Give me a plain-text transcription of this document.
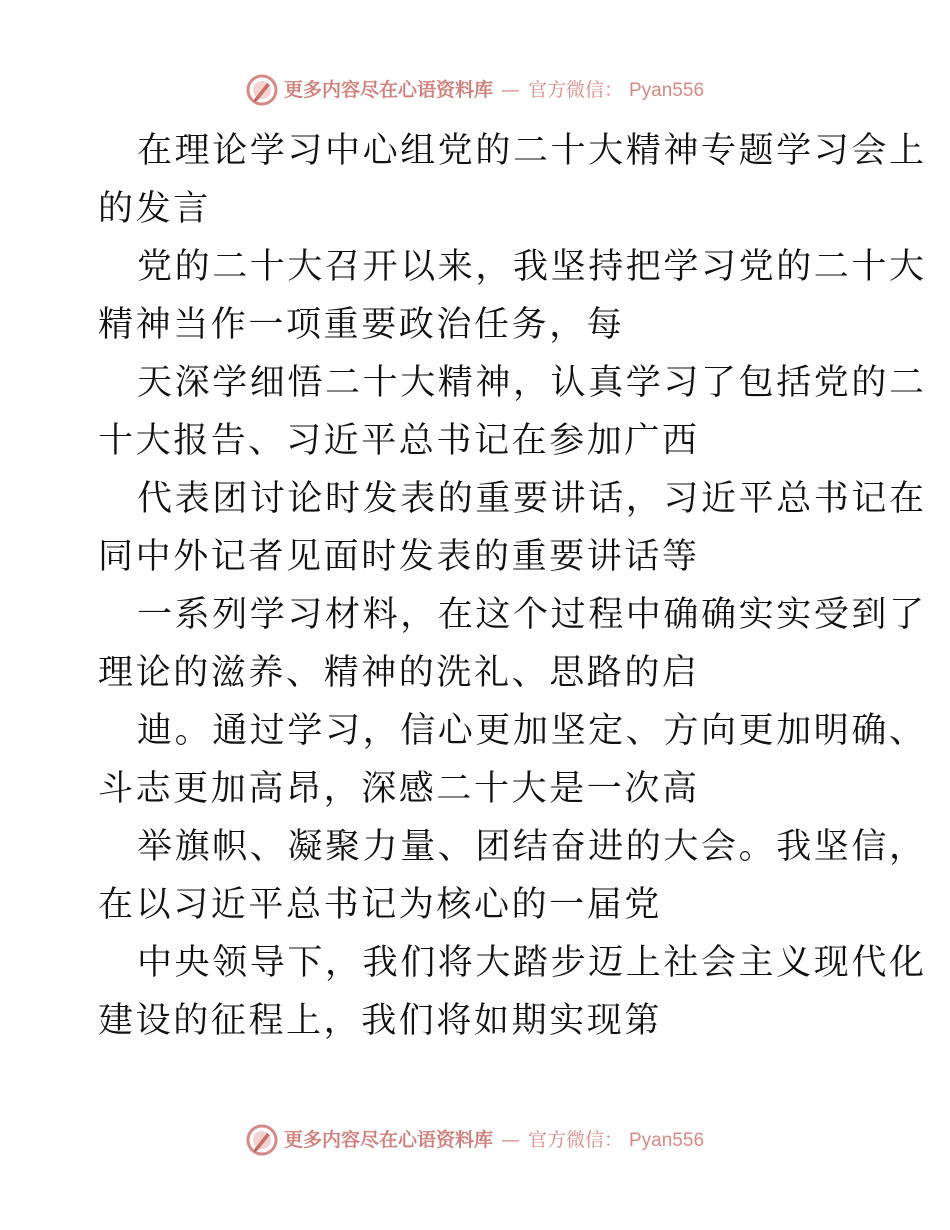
更多内容尽在心语资料库 — 官方微信： Pyan556
在理论学习中心组党的二十大精神专题学习会上
的发言
党的二十大召开以来，我坚持把学习党的二十大
精神当作一项重要政治任务，每
天深学细悟二十大精神，认真学习了包括党的二
十大报告、习近平总书记在参加广西
代表团讨论时发表的重要讲话，习近平总书记在
同中外记者见面时发表的重要讲话等
一系列学习材料，在这个过程中确确实实受到了
理论的滋养、精神的洗礼、思路的启
迪。通过学习，信心更加坚定、方向更加明确、
斗志更加高昂，深感二十大是一次高
举旗帜、凝聚力量、团结奋进的大会。我坚信，
在以习近平总书记为核心的一届党
中央领导下，我们将大踏步迈上社会主义现代化
建设的征程上，我们将如期实现第
更多内容尽在心语资料库 — 官方微信： Pyan556
